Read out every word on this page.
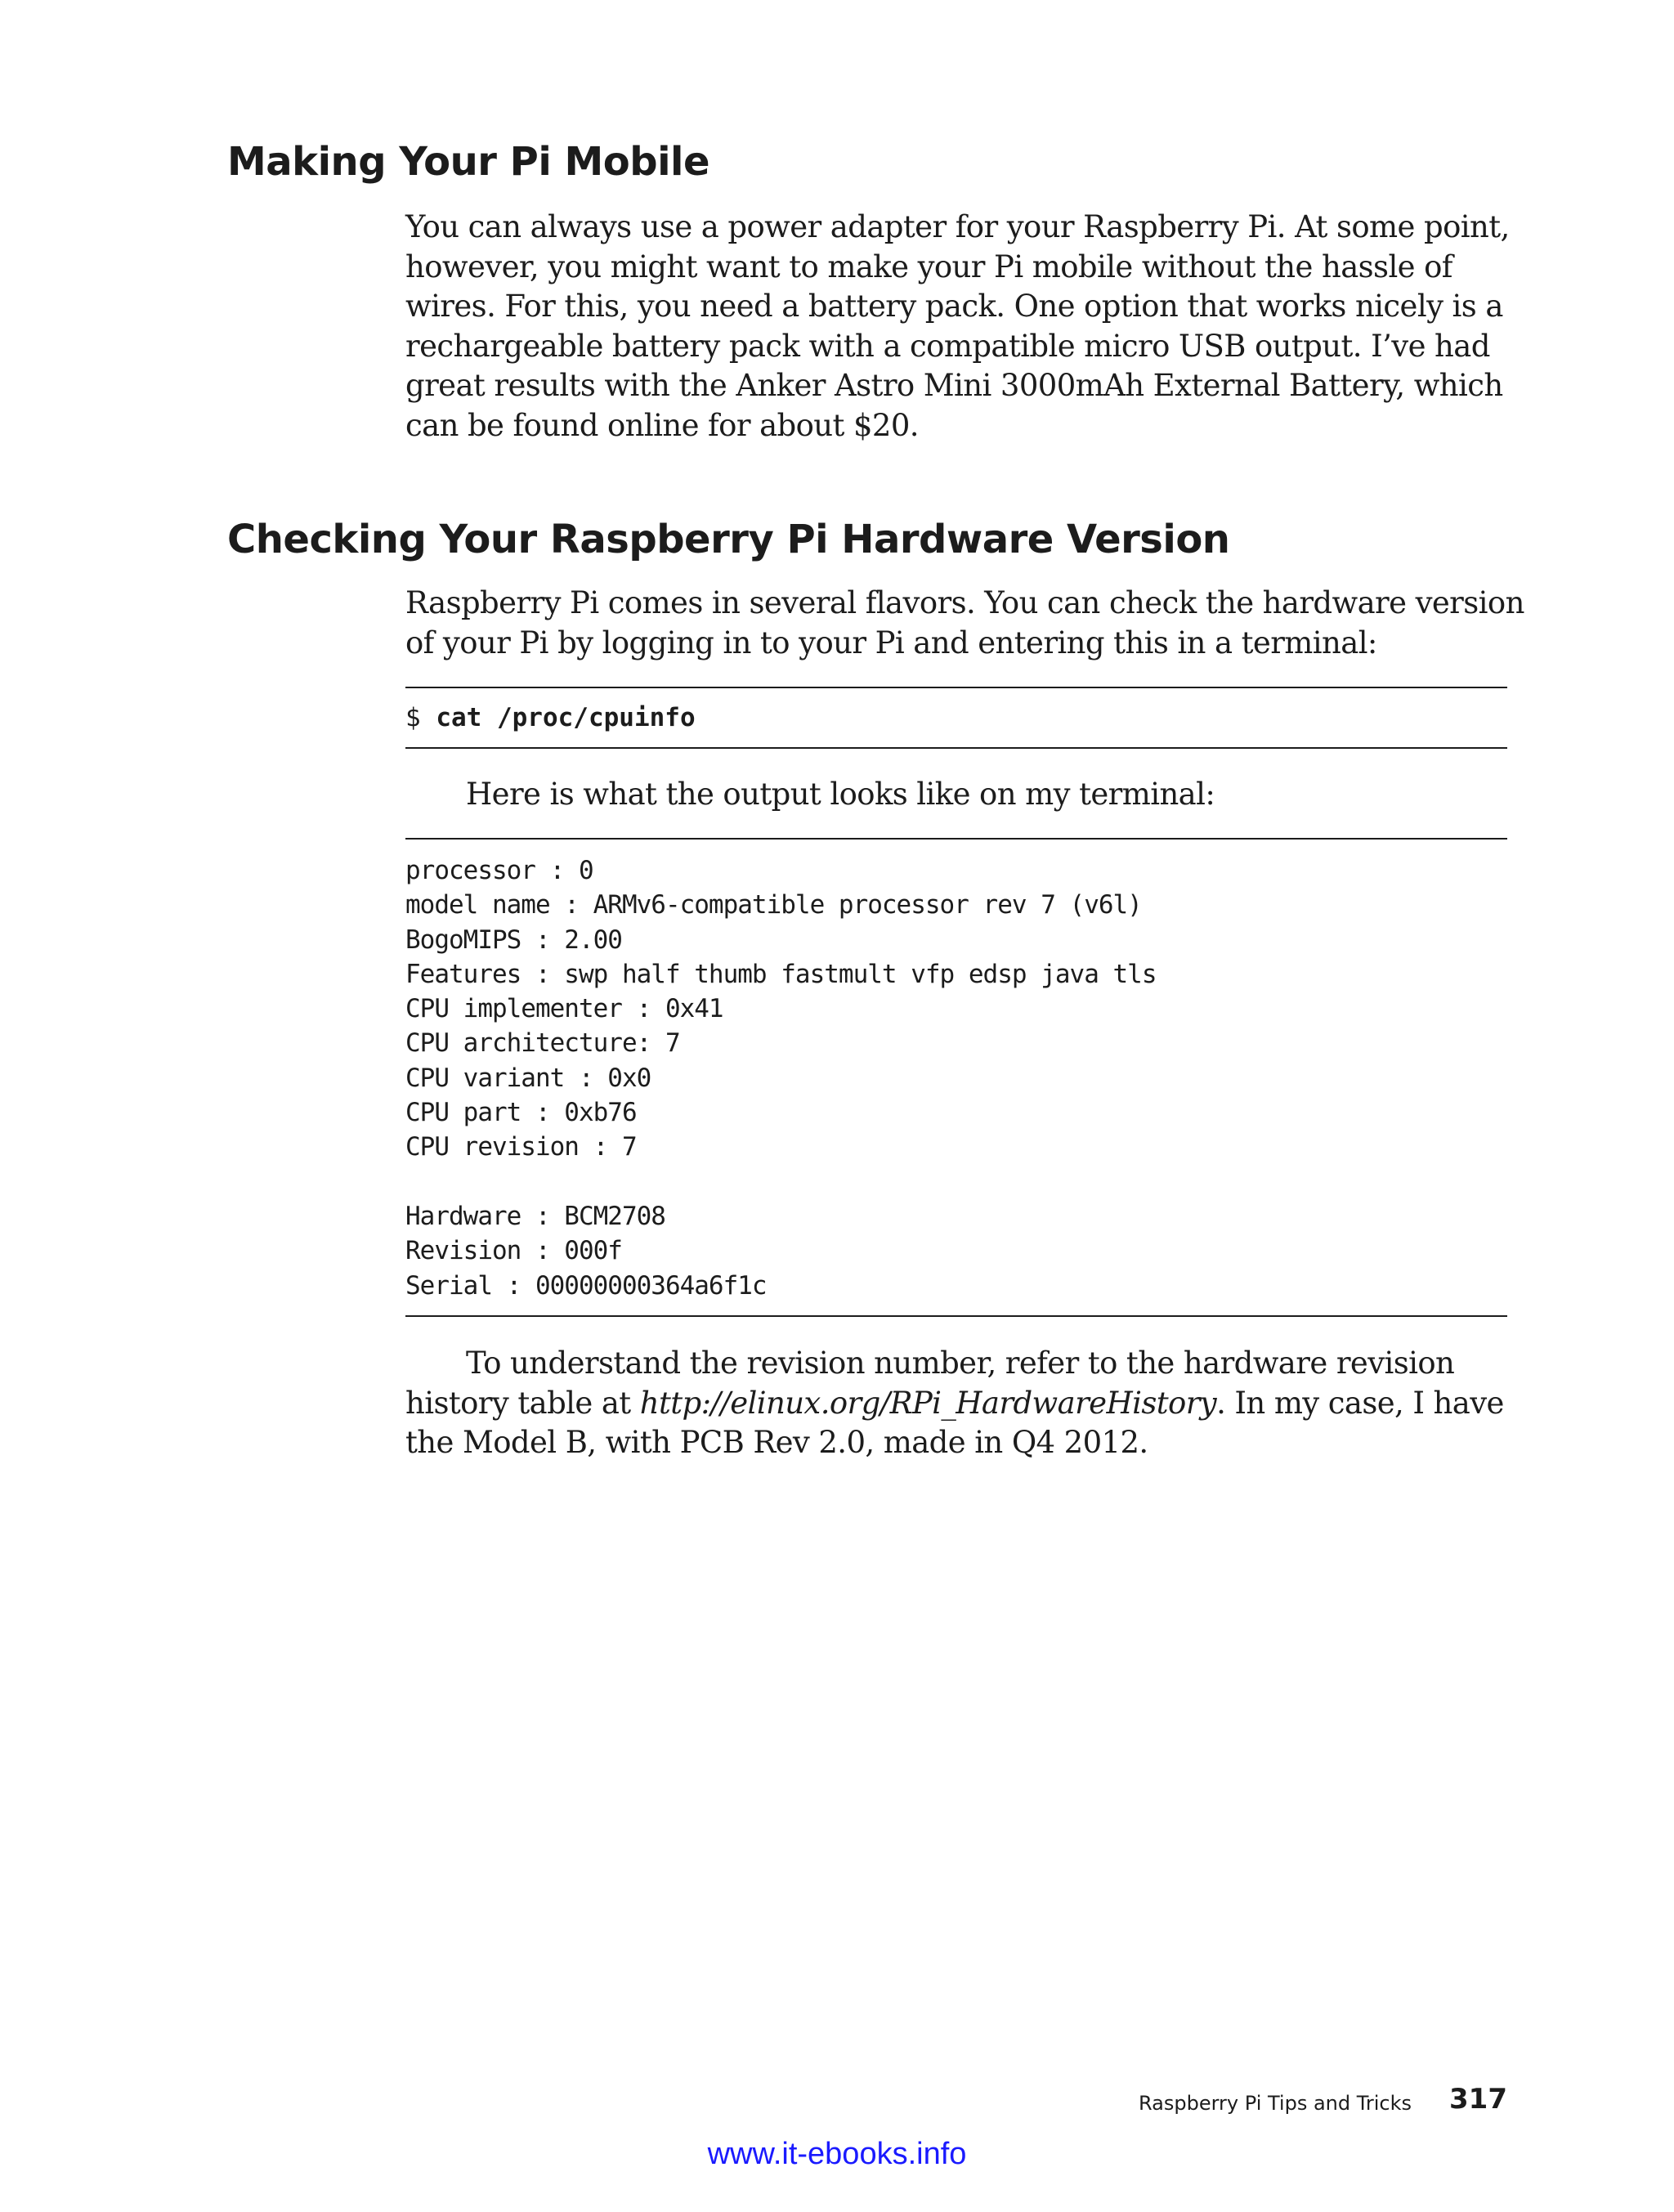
Making Your Pi Mobile

You can always use a power adapter for your Raspberry Pi. At some point,
however, you might want to make your Pi mobile without the hassle of
wires. For this, you need a battery pack. One option that works nicely is a
rechargeable battery pack with a compatible micro USB output. I’ve had
great results with the Anker Astro Mini 3000mAh External Battery, which
can be found online for about $20.

Checking Your Raspberry Pi Hardware Version

Raspberry Pi comes in several flavors. You can check the hardware version
of your Pi by logging in to your Pi and entering this in a terminal:

$ cat /proc/cpuinfo

Here is what the output looks like on my terminal:

processor : 0
model name : ARMv6-compatible processor rev 7 (v6l)
BogoMIPS : 2.00
Features : swp half thumb fastmult vfp edsp java tls
CPU implementer : 0x41
CPU architecture: 7
CPU variant : 0x0
CPU part : 0xb76
CPU revision : 7
Hardware : BCM2708
Revision : 000f
Serial : 00000000364a6f1c

To understand the revision number, refer to the hardware revision
history table at http://elinux.org/RPi_HardwareHistory. In my case, I have
the Model B, with PCB Rev 2.0, made in Q4 2012.

Raspberry Pi Tips and Tricks 317
www.it-ebooks.info
